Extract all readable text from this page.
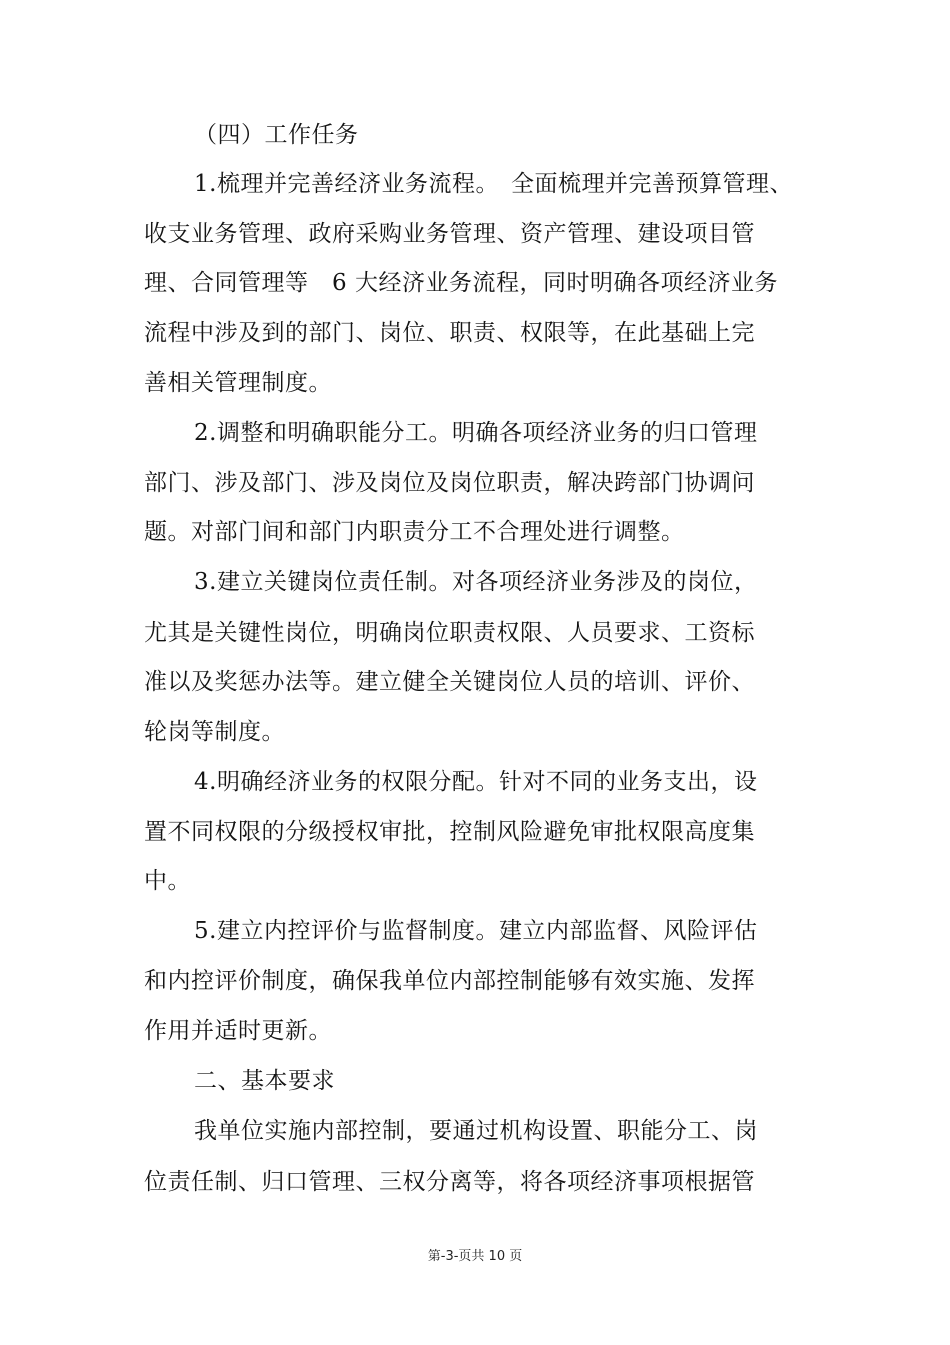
（四）工作任务
1.梳理并完善经济业务流程。　全面梳理并完善预算管理、
收支业务管理、政府采购业务管理、资产管理、建设项目管
理、合同管理等　6 大经济业务流程，同时明确各项经济业务
流程中涉及到的部门、岗位、职责、权限等，在此基础上完
善相关管理制度。
2.调整和明确职能分工。明确各项经济业务的归口管理
部门、涉及部门、涉及岗位及岗位职责，解决跨部门协调问
题。对部门间和部门内职责分工不合理处进行调整。
3.建立关键岗位责任制。对各项经济业务涉及的岗位，
尤其是关键性岗位，明确岗位职责权限、人员要求、工资标
准以及奖惩办法等。建立健全关键岗位人员的培训、评价、
轮岗等制度。
4.明确经济业务的权限分配。针对不同的业务支出，设
置不同权限的分级授权审批，控制风险避免审批权限高度集
中。
5.建立内控评价与监督制度。建立内部监督、风险评估
和内控评价制度，确保我单位内部控制能够有效实施、发挥
作用并适时更新。
二、基本要求
我单位实施内部控制，要通过机构设置、职能分工、岗
位责任制、归口管理、三权分离等，将各项经济事项根据管
第-3-页共 10 页
